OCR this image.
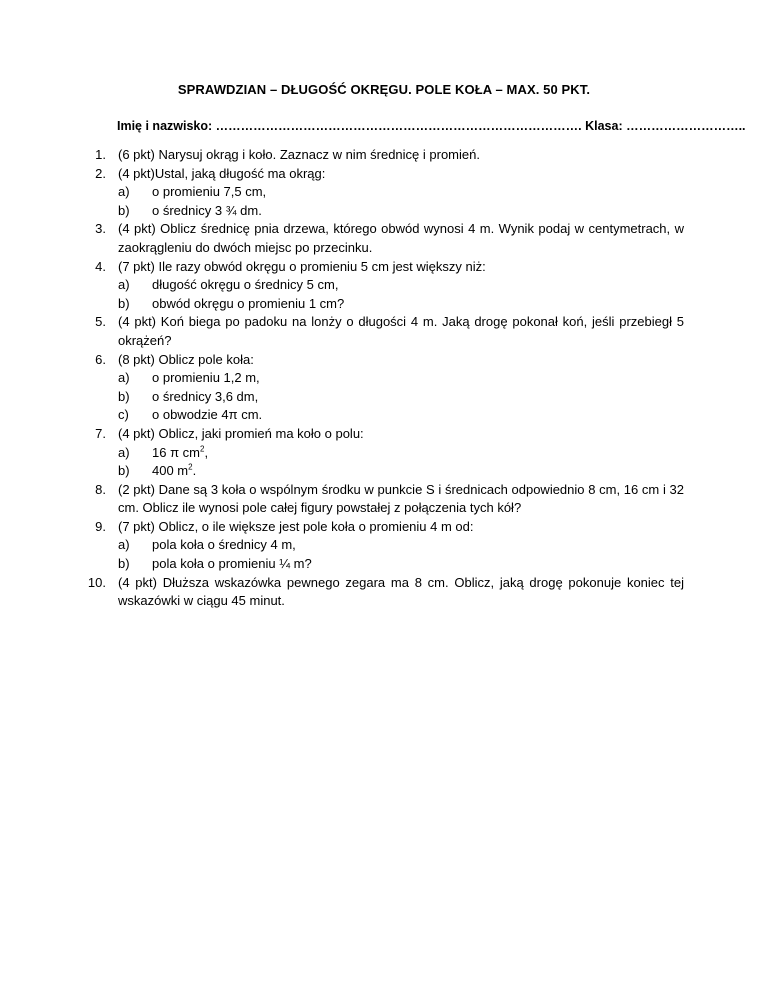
SPRAWDZIAN – DŁUGOŚĆ OKRĘGU. POLE KOŁA – MAX. 50 PKT.
Imię i nazwisko: ……………………………………………………………………………. Klasa: ………………………..
1. (6 pkt) Narysuj okrąg i koło. Zaznacz w nim średnicę i promień.
2. (4 pkt)Ustal, jaką długość ma okrąg:
a)	o promieniu 7,5 cm,
b)	o średnicy 3 ¾ dm.
3. (4 pkt) Oblicz średnicę pnia drzewa, którego obwód wynosi 4 m. Wynik podaj w centymetrach, w zaokrągleniu do dwóch miejsc po przecinku.
4. (7 pkt) Ile razy obwód okręgu o promieniu 5 cm jest większy niż:
a)	długość okręgu o średnicy 5 cm,
b)	obwód okręgu o promieniu 1 cm?
5. (4 pkt) Koń biega po padoku na lonży o długości 4 m. Jaką drogę pokonał koń, jeśli przebiegł 5 okrążeń?
6. (8 pkt) Oblicz pole koła:
a)	o promieniu 1,2 m,
b)	o średnicy 3,6 dm,
c)	o obwodzie 4π cm.
7. (4 pkt) Oblicz, jaki promień ma koło o polu:
a)	16 π $cm^2$,
b)	400 $m^2$.
8. (2 pkt) Dane są 3 koła o wspólnym środku w punkcie S i średnicach odpowiednio 8 cm, 16 cm i 32 cm. Oblicz ile wynosi pole całej figury powstałej z połączenia tych kół?
9. (7 pkt) Oblicz, o ile większe jest pole koła o promieniu 4 m od:
a)	pola koła o średnicy 4 m,
b)	pola koła o promieniu ¼ m?
10. (4 pkt) Dłuższa wskazówka pewnego zegara ma 8 cm. Oblicz, jaką drogę pokonuje koniec tej wskazówki w ciągu 45 minut.
